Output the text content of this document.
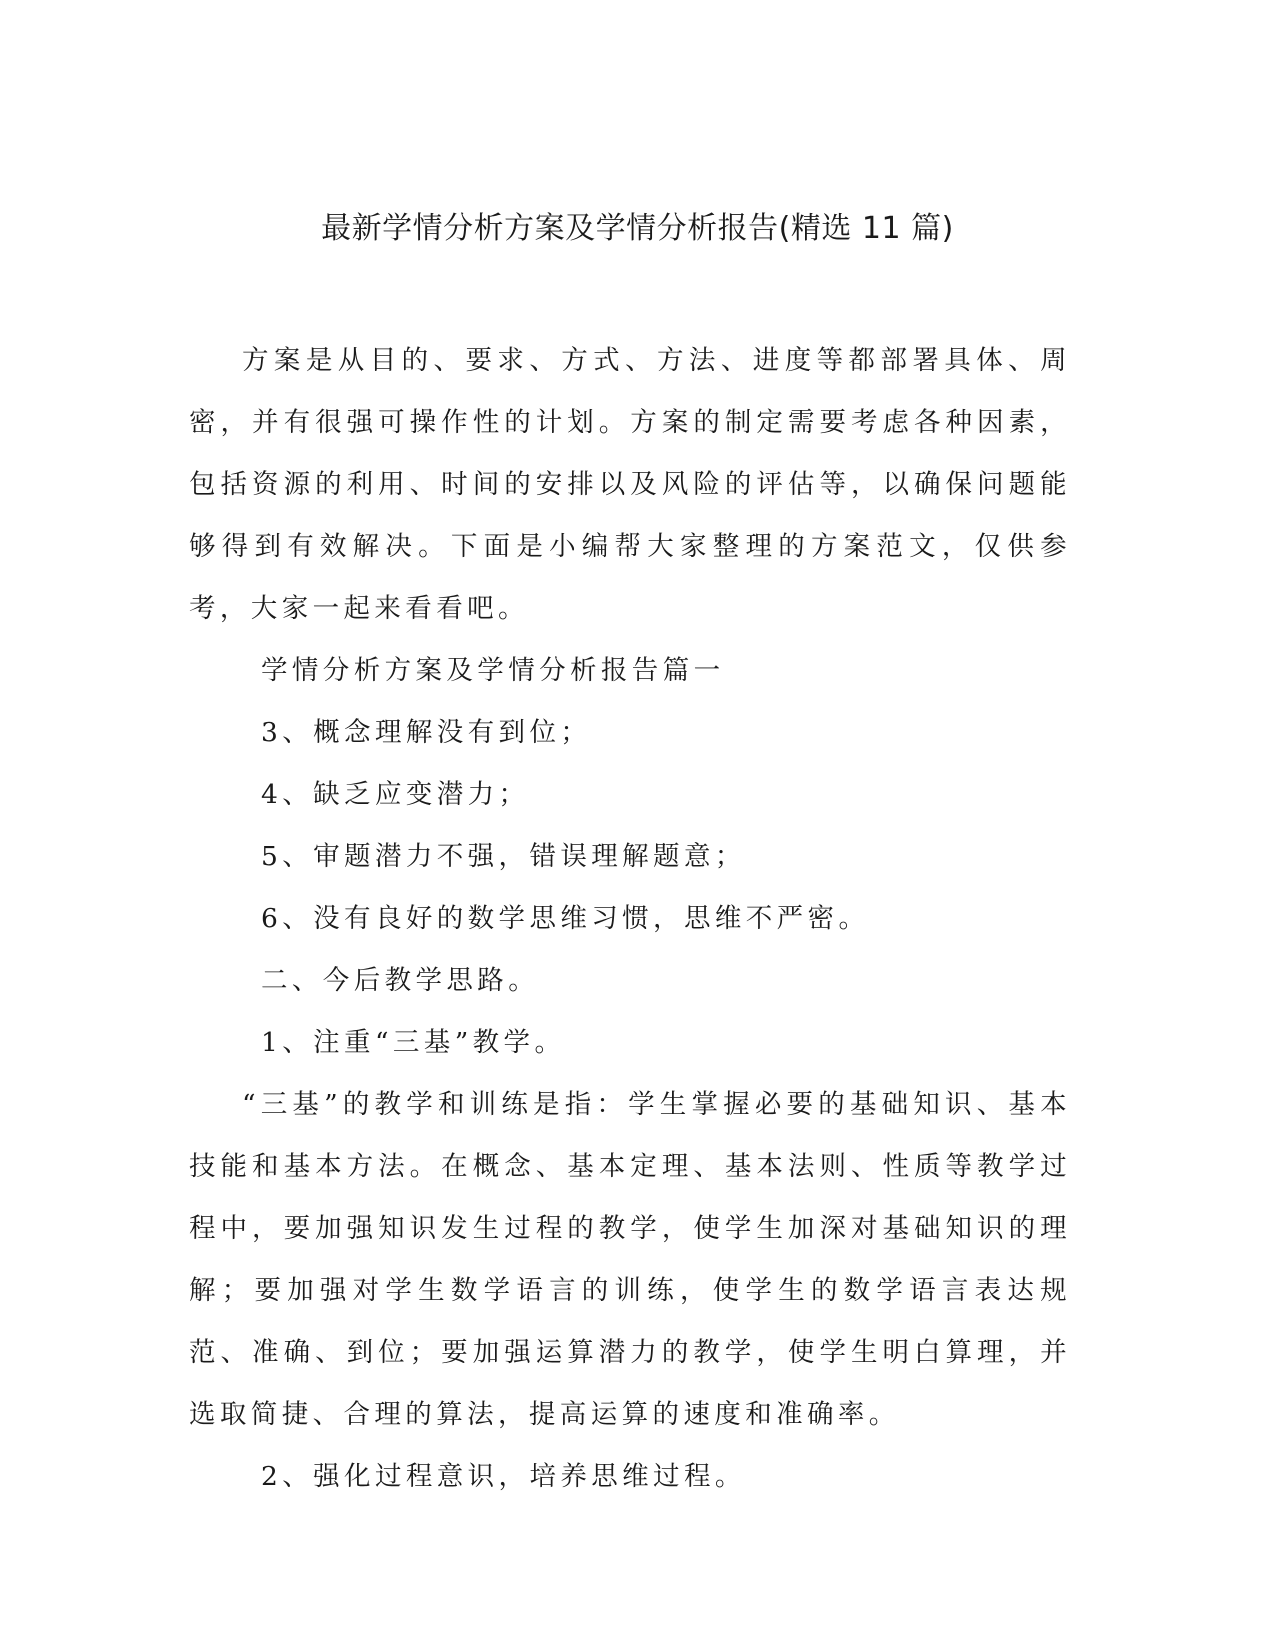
最新学情分析方案及学情分析报告(精选 11 篇)

方案是从目的、要求、方式、方法、进度等都部署具体、周密，并有很强可操作性的计划。方案的制定需要考虑各种因素，包括资源的利用、时间的安排以及风险的评估等，以确保问题能够得到有效解决。下面是小编帮大家整理的方案范文，仅供参考，大家一起来看看吧。

学情分析方案及学情分析报告篇一

3、概念理解没有到位；

4、缺乏应变潜力；

5、审题潜力不强，错误理解题意；

6、没有良好的数学思维习惯，思维不严密。

二、今后教学思路。

1、注重“三基”教学。

“三基”的教学和训练是指：学生掌握必要的基础知识、基本技能和基本方法。在概念、基本定理、基本法则、性质等教学过程中，要加强知识发生过程的教学，使学生加深对基础知识的理解；要加强对学生数学语言的训练，使学生的数学语言表达规范、准确、到位；要加强运算潜力的教学，使学生明白算理，并选取简捷、合理的算法，提高运算的速度和准确率。

2、强化过程意识，培养思维过程。
